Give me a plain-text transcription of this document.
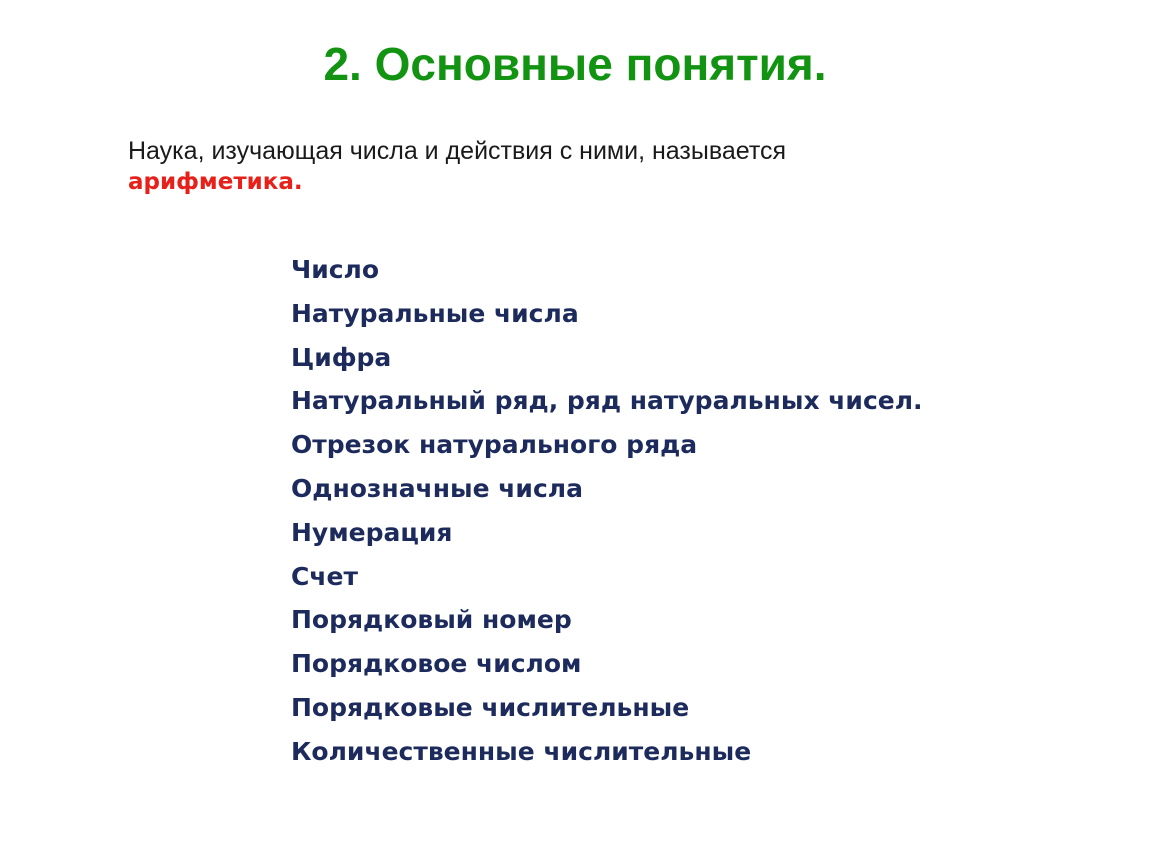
2. Основные понятия.

Наука, изучающая числа и действия с ними, называется
арифметика.

Число
Натуральные числа
Цифра
Натуральный ряд, ряд натуральных чисел.
Отрезок натурального ряда
Однозначные числа
Нумерация
Счет
Порядковый номер
Порядковое числом
Порядковые числительные
Количественные числительные
